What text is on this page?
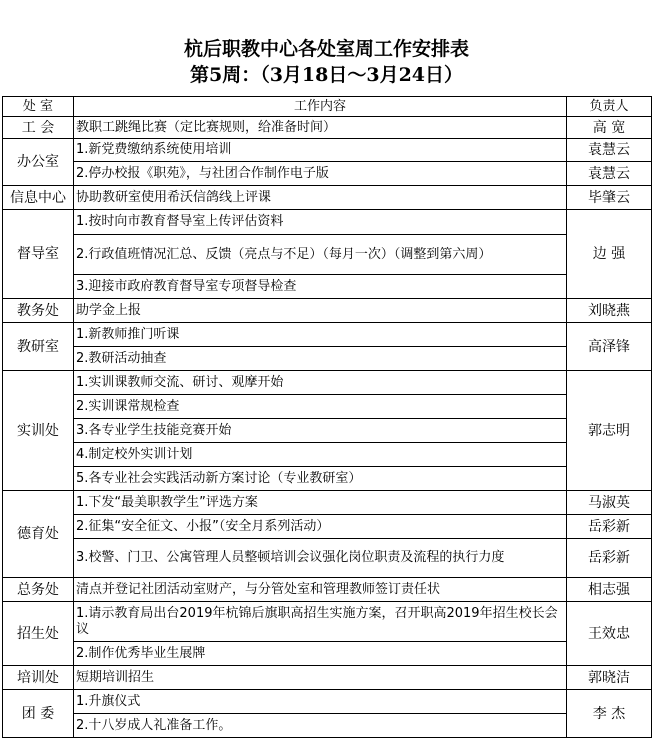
杭后职教中心各处室周工作安排表
第5周：（3月18日～3月24日）
处 室	工作内容	负责人
工 会	教职工跳绳比赛（定比赛规则，给准备时间）	高 宽
办公室	1.新党费缴纳系统使用培训	袁慧云
	2.停办校报《职苑》，与社团合作制作电子版	袁慧云
信息中心	协助教研室使用希沃信鸽线上评课	毕肇云
督导室	1.按时向市教育督导室上传评估资料	边 强
	2.行政值班情况汇总、反馈（亮点与不足）（每月一次）（调整到第六周）	
	3.迎接市政府教育督导室专项督导检查	
教务处	助学金上报	刘晓燕
教研室	1.新教师推门听课	高泽锋
	2.教研活动抽查	
实训处	1.实训课教师交流、研讨、观摩开始	郭志明
	2.实训课常规检查	
	3.各专业学生技能竞赛开始	
	4.制定校外实训计划	
	5.各专业社会实践活动新方案讨论（专业教研室）	
德育处	1.下发“最美职教学生”评选方案	马淑英
	2.征集“安全征文、小报”（安全月系列活动）	岳彩新
	3.校警、门卫、公寓管理人员整顿培训会议强化岗位职责及流程的执行力度	岳彩新
总务处	清点并登记社团活动室财产，与分管处室和管理教师签订责任状	相志强
招生处	1.请示教育局出台2019年杭锦后旗职高招生实施方案，召开职高2019年招生校长会议	王效忠
	2.制作优秀毕业生展牌	
培训处	短期培训招生	郭晓洁
团 委	1.升旗仪式	李 杰
	2.十八岁成人礼准备工作。	
